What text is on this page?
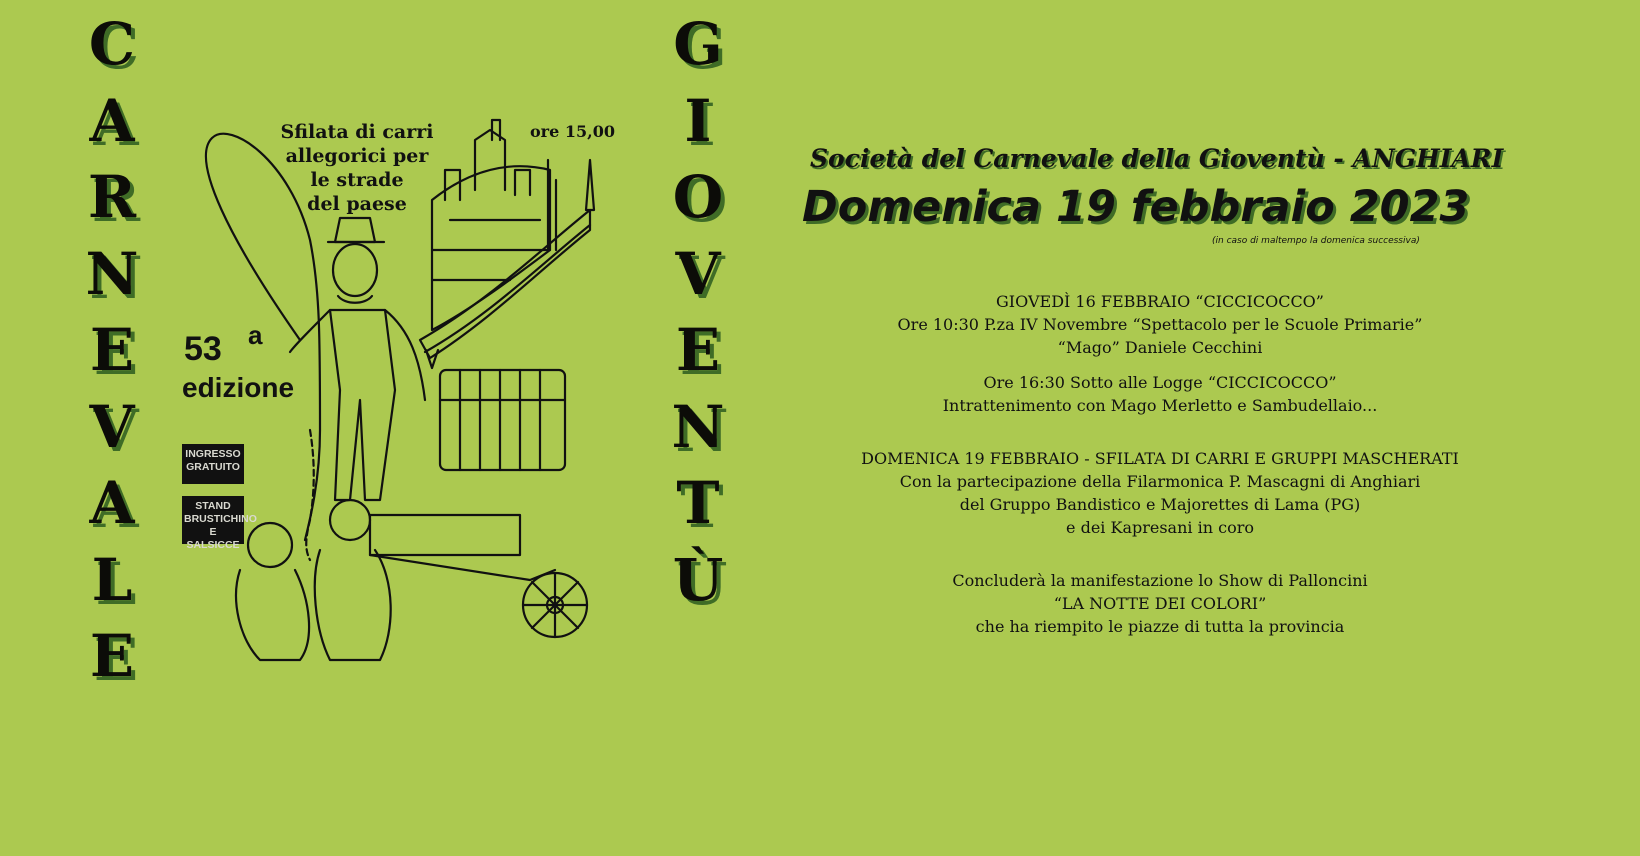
C
A
R
N
E
V
A
L
E
G
I
O
V
E
N
T
Ù
Sfilata di carri
allegorici per
le strade
del paese
ore 15,00
53 a
edizione
INGRESSO
GRATUITO
STAND
BRUSTICHINO
E SALSICCE
Società del Carnevale della Gioventù - ANGHIARI
Domenica 19 febbraio 2023
(in caso di maltempo la domenica successiva)
GIOVEDÌ 16 FEBBRAIO “CICCICOCCO”
Ore 10:30 P.za IV Novembre “Spettacolo per le Scuole Primarie”
“Mago” Daniele Cecchini
Ore 16:30 Sotto alle Logge “CICCICOCCO”
Intrattenimento con Mago Merletto e Sambudellaio...
DOMENICA 19 FEBBRAIO - SFILATA DI CARRI E GRUPPI MASCHERATI
Con la partecipazione della Filarmonica P. Mascagni di Anghiari
del Gruppo Bandistico e Majorettes di Lama (PG)
e dei Kapresani in coro
Concluderà la manifestazione lo Show di Palloncini
“LA NOTTE DEI COLORI”
che ha riempito le piazze di tutta la provincia
